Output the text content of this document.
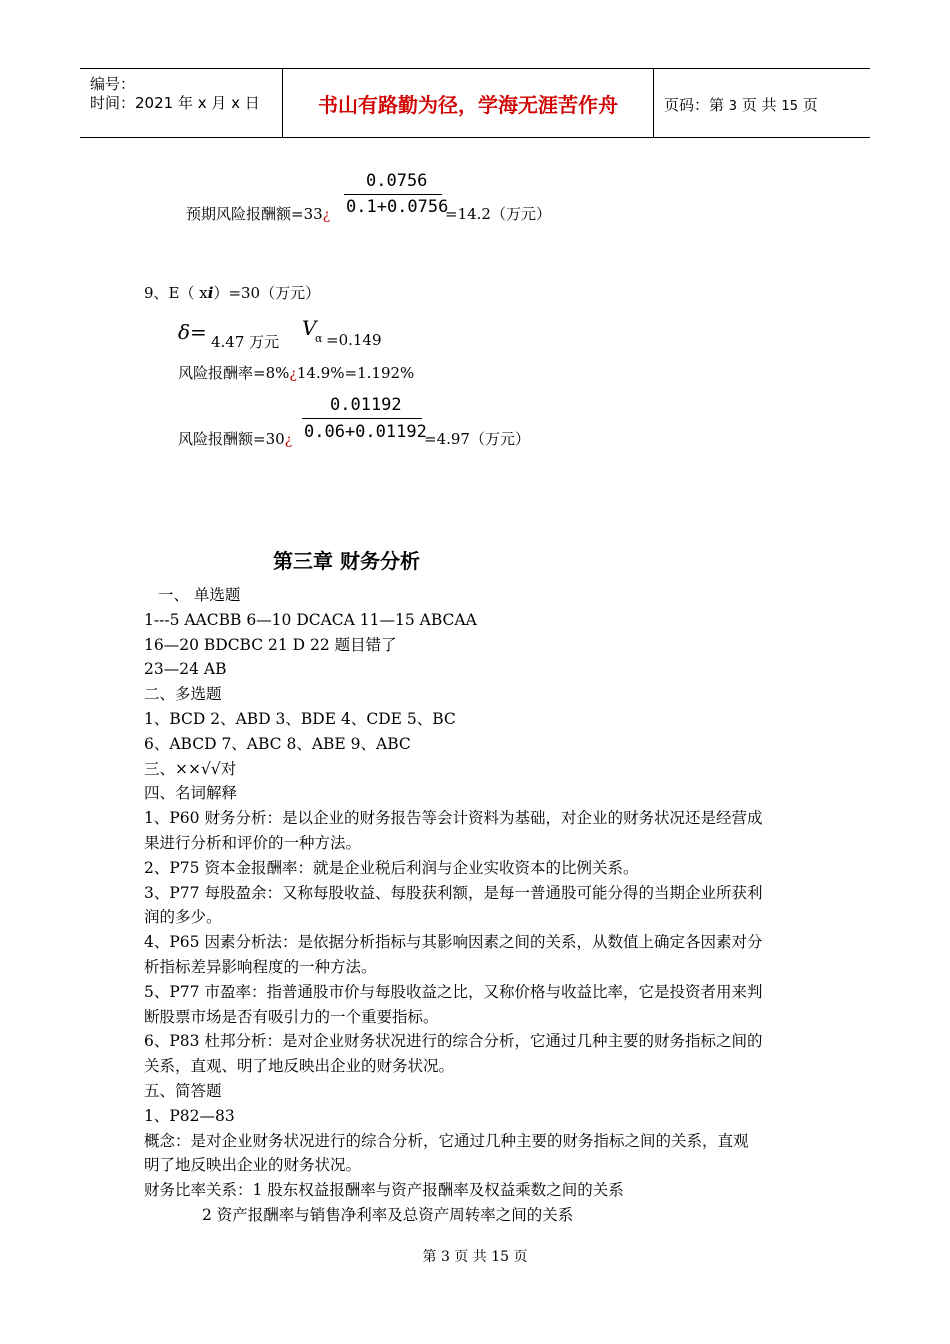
编号：
时间：2021 年 x 月 x 日	书山有路勤为径，学海无涯苦作舟	页码：第 3 页 共 15 页
0.0756
0.1+0.0756
预期风险报酬额=33¿	=14.2（万元）
9、E（ xi）=30（万元）
δ= 4.47 万元
V
α =0.149
风险报酬率=8%¿14.9%=1.192%
0.01192
0.06+0.01192
风险报酬额=30¿	=4.97（万元）
第三章 财务分析
一、 单选题
1---5 AACBB 6—10 DCACA 11—15 ABCAA
16—20 BDCBC 21 D 22 题目错了
23—24 AB
二、多选题
1、BCD 2、ABD 3、BDE 4、CDE 5、BC
6、ABCD 7、ABC 8、ABE 9、ABC
三、××√√对
四、名词解释
1、P60 财务分析：是以企业的财务报告等会计资料为基础，对企业的财务状况还是经营成
果进行分析和评价的一种方法。
2、P75 资本金报酬率：就是企业税后利润与企业实收资本的比例关系。
3、P77 每股盈余：又称每股收益、每股获利额，是每一普通股可能分得的当期企业所获利
润的多少。
4、P65 因素分析法：是依据分析指标与其影响因素之间的关系，从数值上确定各因素对分
析指标差异影响程度的一种方法。
5、P77 市盈率：指普通股市价与每股收益之比，又称价格与收益比率，它是投资者用来判
断股票市场是否有吸引力的一个重要指标。
6、P83 杜邦分析：是对企业财务状况进行的综合分析，它通过几种主要的财务指标之间的
关系，直观、明了地反映出企业的财务状况。
五、简答题
1、P82—83
概念：是对企业财务状况进行的综合分析，它通过几种主要的财务指标之间的关系，直观
明了地反映出企业的财务状况。
财务比率关系：1 股东权益报酬率与资产报酬率及权益乘数之间的关系
2 资产报酬率与销售净利率及总资产周转率之间的关系
第 3 页 共 15 页
